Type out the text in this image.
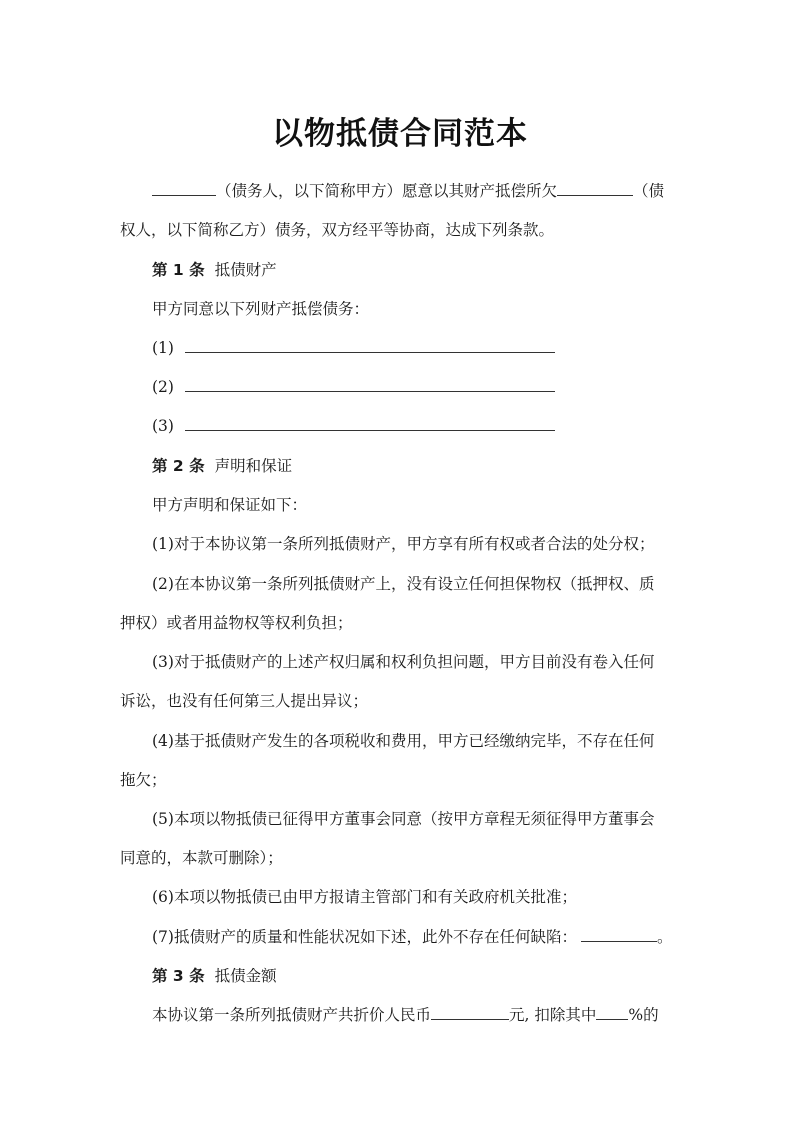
以物抵债合同范本
（债务人，以下简称甲方）愿意以其财产抵偿所欠	（债
权人，以下简称乙方）债务，双方经平等协商，达成下列条款。
第 1 条 抵债财产
甲方同意以下列财产抵偿债务：
(1)
(2)
(3)
第 2 条 声明和保证
甲方声明和保证如下：
(1)对于本协议第一条所列抵债财产，甲方享有所有权或者合法的处分权；
(2)在本协议第一条所列抵债财产上，没有设立任何担保物权（抵押权、质
押权）或者用益物权等权利负担；
(3)对于抵债财产的上述产权归属和权利负担问题，甲方目前没有卷入任何
诉讼，也没有任何第三人提出异议；
(4)基于抵债财产发生的各项税收和费用，甲方已经缴纳完毕，不存在任何
拖欠；
(5)本项以物抵债已征得甲方董事会同意（按甲方章程无须征得甲方董事会
同意的，本款可删除）；
(6)本项以物抵债已由甲方报请主管部门和有关政府机关批准；
(7)抵债财产的质量和性能状况如下述，此外不存在任何缺陷：	。
第 3 条 抵债金额
本协议第一条所列抵债财产共折价人民币	元, 扣除其中 %的
